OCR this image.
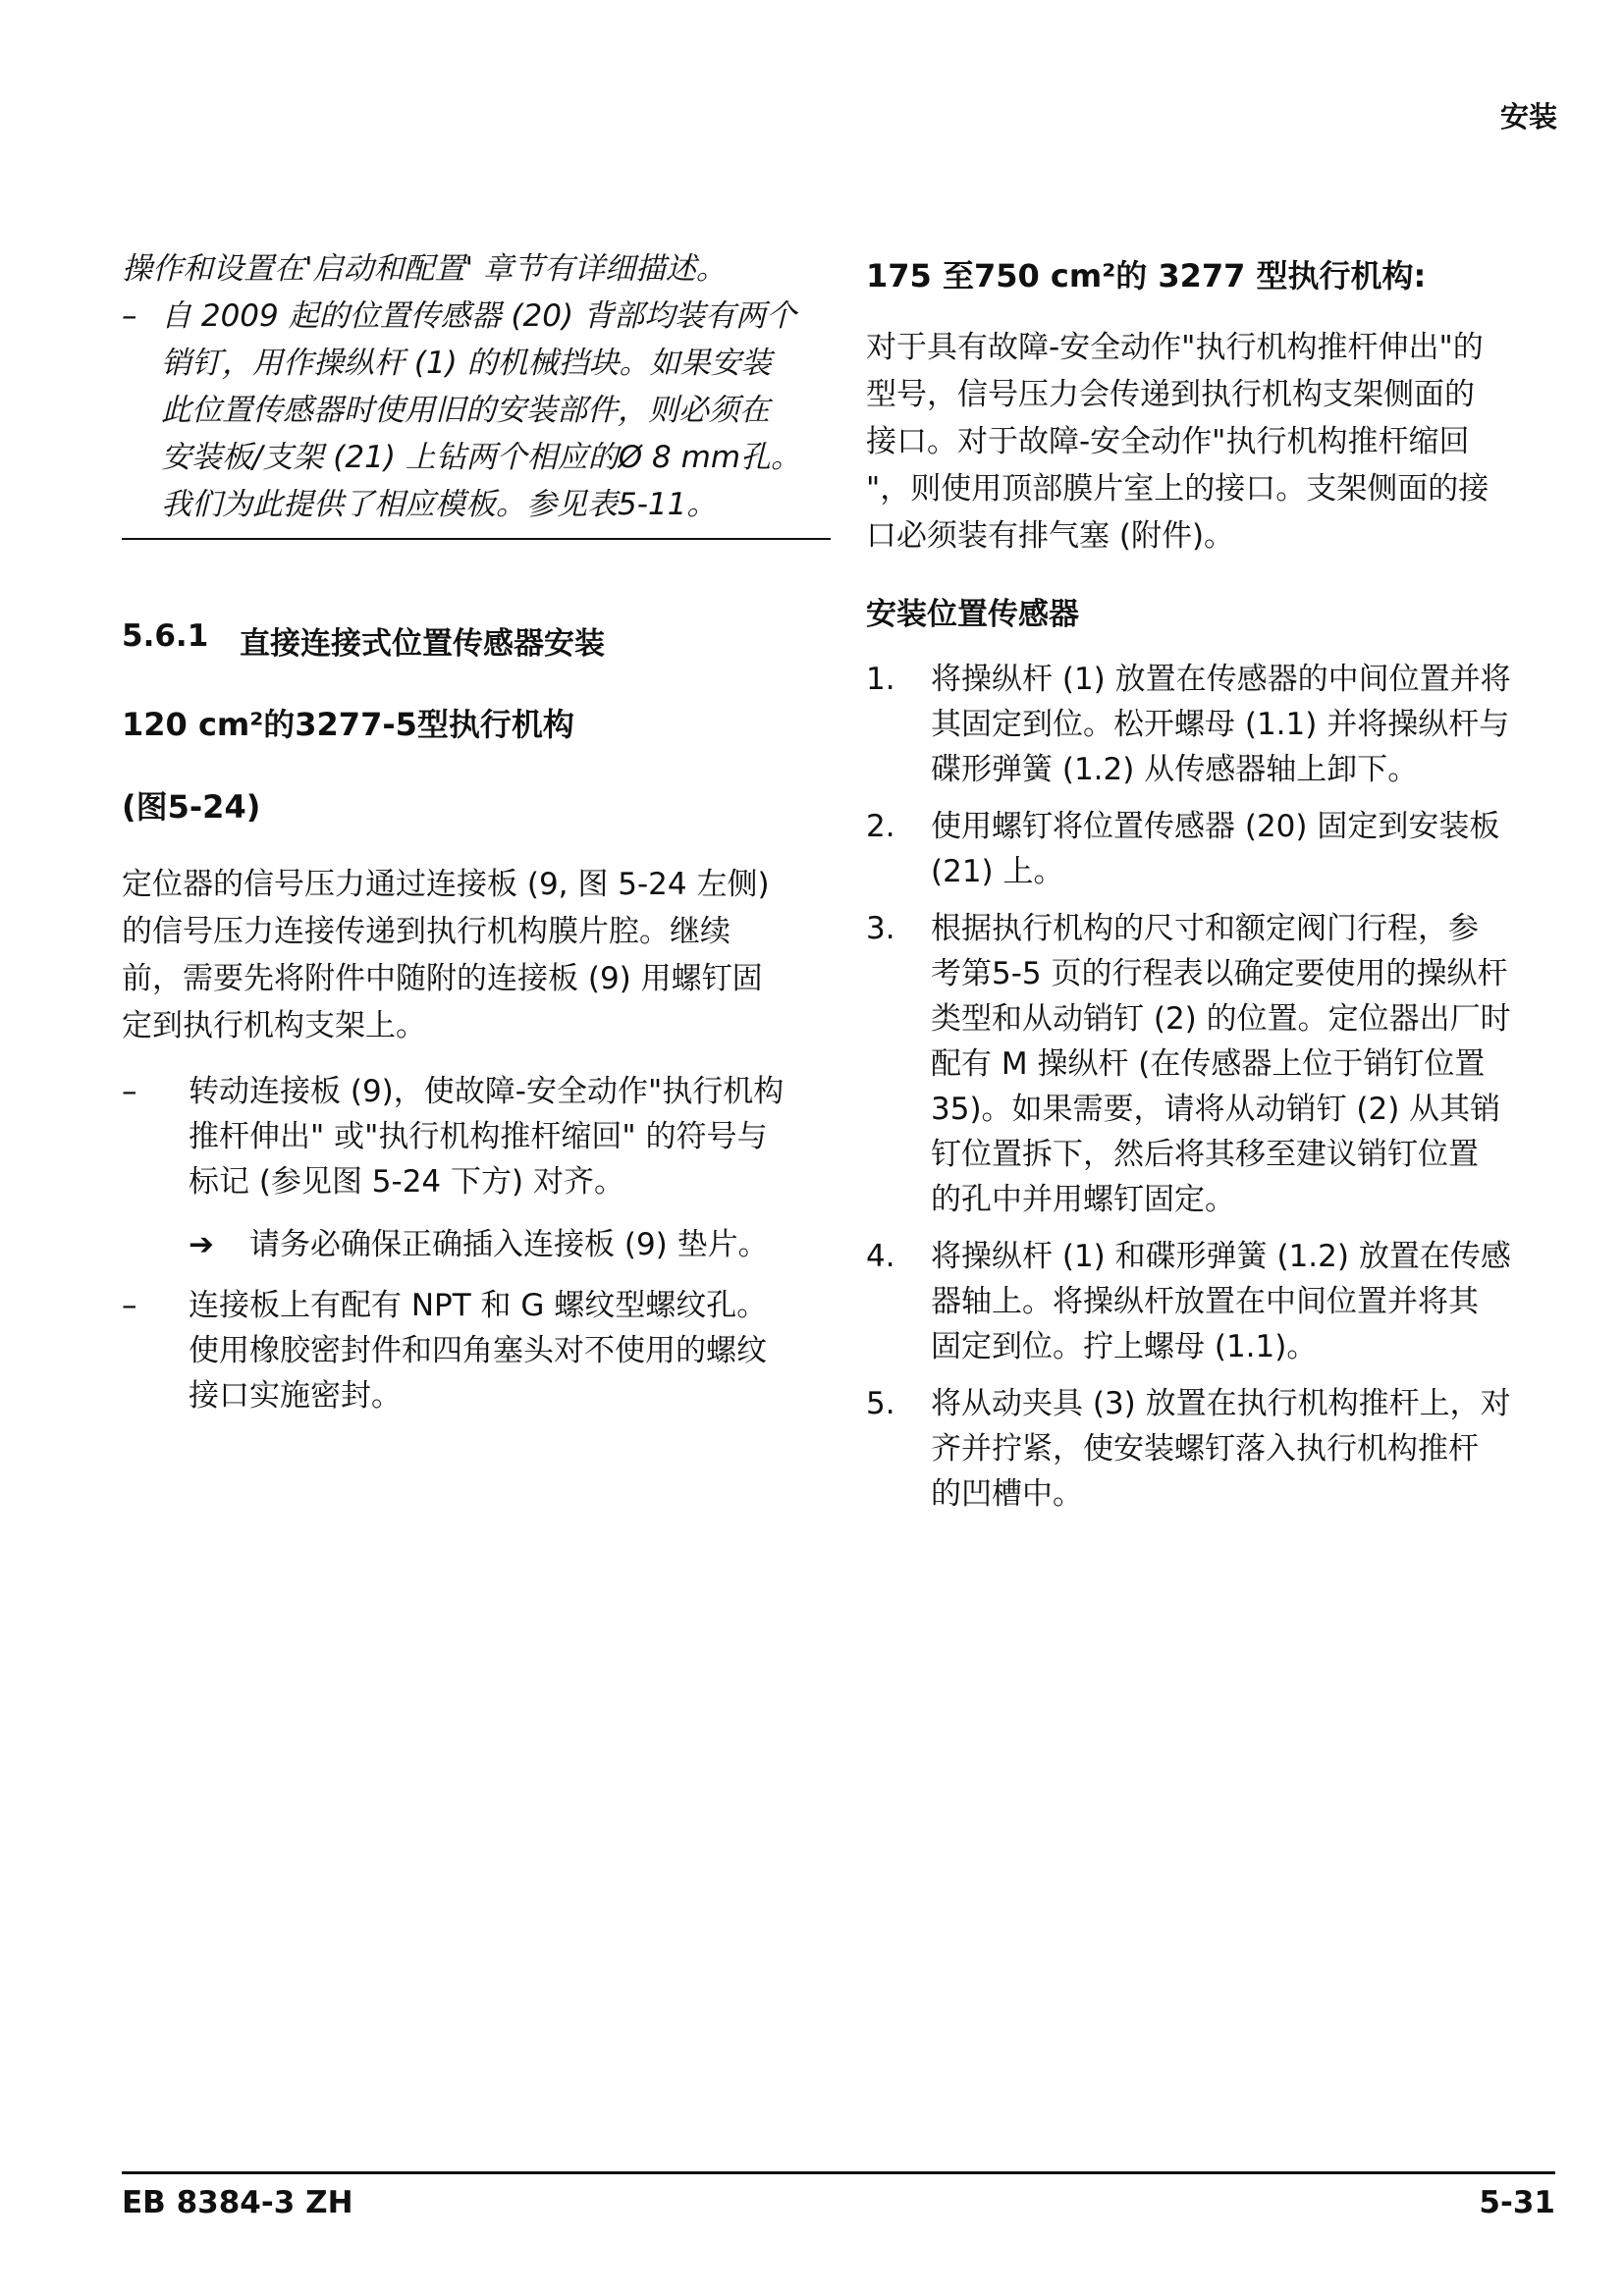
安装

操作和设置在'启动和配置' 章节有详细描述。

– 自 2009 起的位置传感器 (20) 背部均装有两个

销钉，用作操纵杆 (1) 的机械挡块。如果安装

此位置传感器时使用旧的安装部件，则必须在

安装板/支架 (21) 上钻两个相应的Ø 8 mm孔。

我们为此提供了相应模板。参见表5-11。

5.6.1	直接连接式位置传感器安装
120 cm²的3277-5型执行机构
(图5-24)

定位器的信号压力通过连接板 (9, 图 5-24 左侧)

的信号压力连接传递到执行机构膜片腔。继续

前，需要先将附件中随附的连接板 (9) 用螺钉固

定到执行机构支架上。

–	转动连接板 (9)，使故障-安全动作"执行机构
推杆伸出" 或"执行机构推杆缩回" 的符号与
标记 (参见图 5-24 下方) 对齐。
➔	请务必确保正确插入连接板 (9) 垫片。
–	连接板上有配有 NPT 和 G 螺纹型螺纹孔。
使用橡胶密封件和四角塞头对不使用的螺纹
接口实施密封。
175 至750 cm²的 3277 型执行机构:

对于具有故障-安全动作"执行机构推杆伸出"的

型号，信号压力会传递到执行机构支架侧面的

接口。对于故障-安全动作"执行机构推杆缩回

"，则使用顶部膜片室上的接口。支架侧面的接

口必须装有排气塞 (附件)。

安装位置传感器
1.	将操纵杆 (1) 放置在传感器的中间位置并将
其固定到位。松开螺母 (1.1) 并将操纵杆与
碟形弹簧 (1.2) 从传感器轴上卸下。
2.	使用螺钉将位置传感器 (20) 固定到安装板
(21) 上。
3.	根据执行机构的尺寸和额定阀门行程，参
考第5-5 页的行程表以确定要使用的操纵杆
类型和从动销钉 (2) 的位置。定位器出厂时
配有 M 操纵杆 (在传感器上位于销钉位置
35)。如果需要，请将从动销钉 (2) 从其销
钉位置拆下，然后将其移至建议销钉位置
的孔中并用螺钉固定。
4.	将操纵杆 (1) 和碟形弹簧 (1.2) 放置在传感
器轴上。将操纵杆放置在中间位置并将其
固定到位。拧上螺母 (1.1)。
5.	将从动夹具 (3) 放置在执行机构推杆上，对
齐并拧紧，使安装螺钉落入执行机构推杆
的凹槽中。
EB 8384-3 ZH	5-31
